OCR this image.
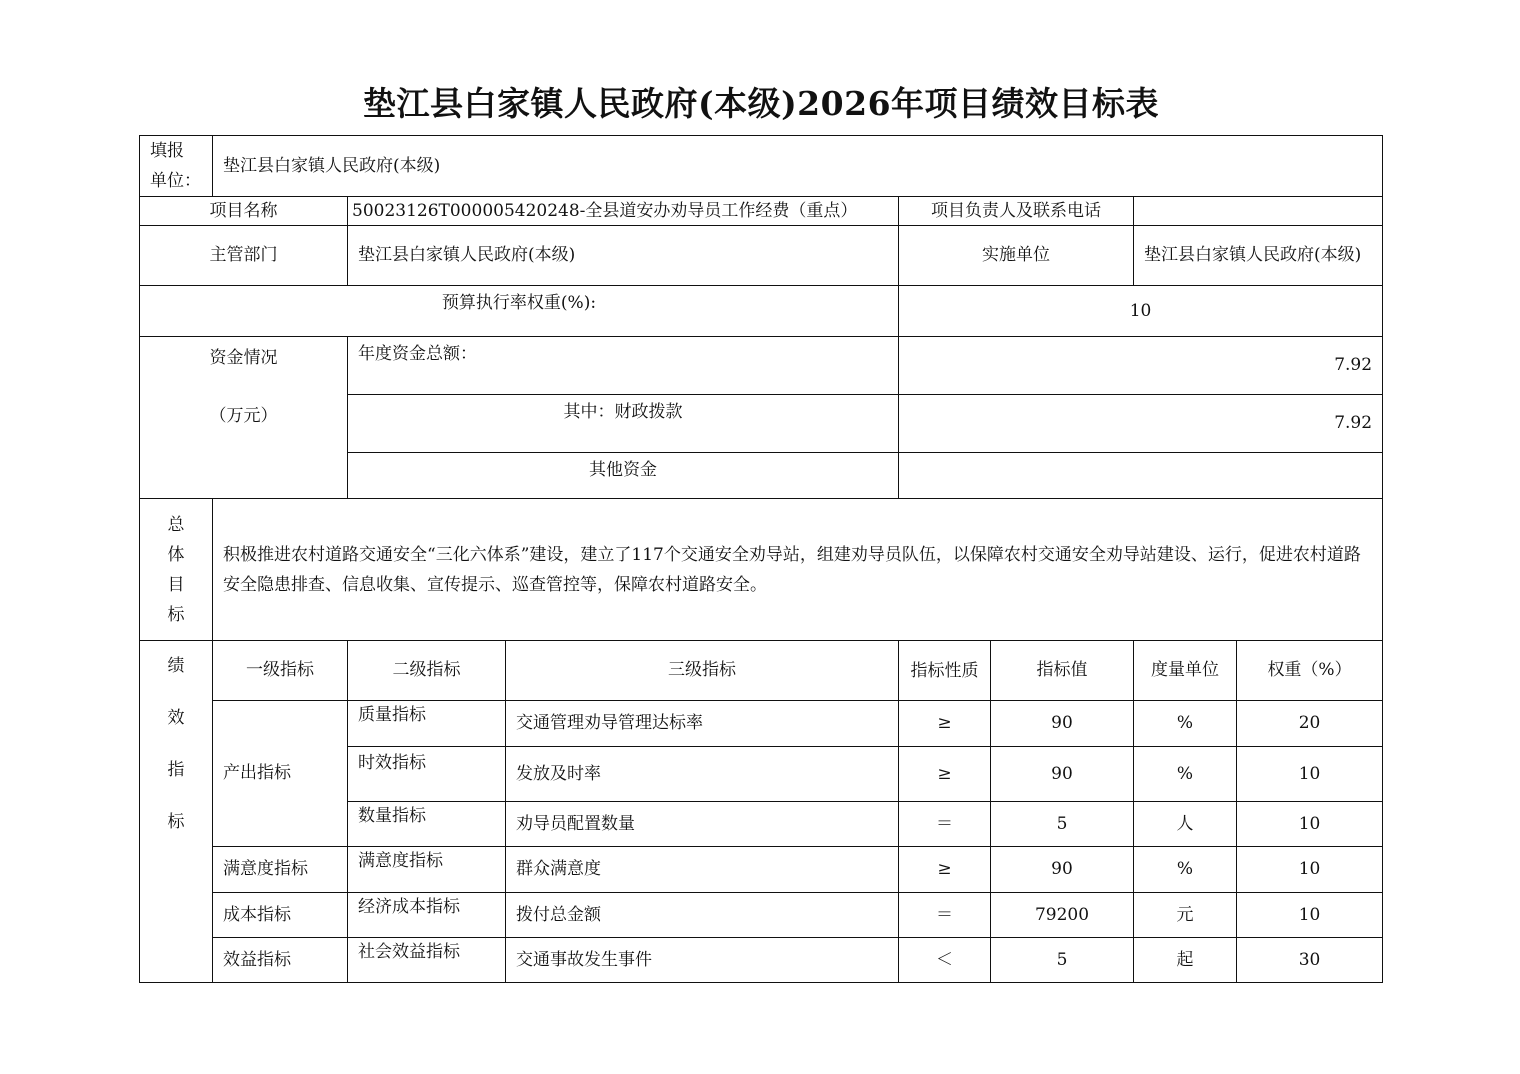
垫江县白家镇人民政府(本级)2026年项目绩效目标表
填报
单位：	垫江县白家镇人民政府(本级)						
项目名称		50023126T000005420248-全县道安办劝导员工作经费（重点）		项目负责人及联系电话			
主管部门		垫江县白家镇人民政府(本级)		实施单位		垫江县白家镇人民政府(本级)	
预算执行率权重(%):				10			

资金情况
（万元）		年度资金总额：		7.92			
		其中：财政拨款		7.92			
		其他资金					

总
体
目
标	积极推进农村道路交通安全“三化六体系”建设，建立了117个交通安全劝导站，组建劝导员队伍，以保障农村交通安全劝导站建设、运行，促进农村道路安全隐患排查、信息收集、宣传提示、巡查管控等，保障农村道路安全。						

绩
效
指
标	一级指标	二级指标	三级指标	指标性质	指标值	度量单位	权重（%）
	产出指标	质量指标	交通管理劝导管理达标率	≥	90	%	20
		时效指标	发放及时率	≥	90	%	10
		数量指标	劝导员配置数量	＝	5	人	10
	满意度指标	满意度指标	群众满意度	≥	90	%	10
	成本指标	经济成本指标	拨付总金额	＝	79200	元	10
	效益指标	社会效益指标	交通事故发生事件	＜	5	起	30
